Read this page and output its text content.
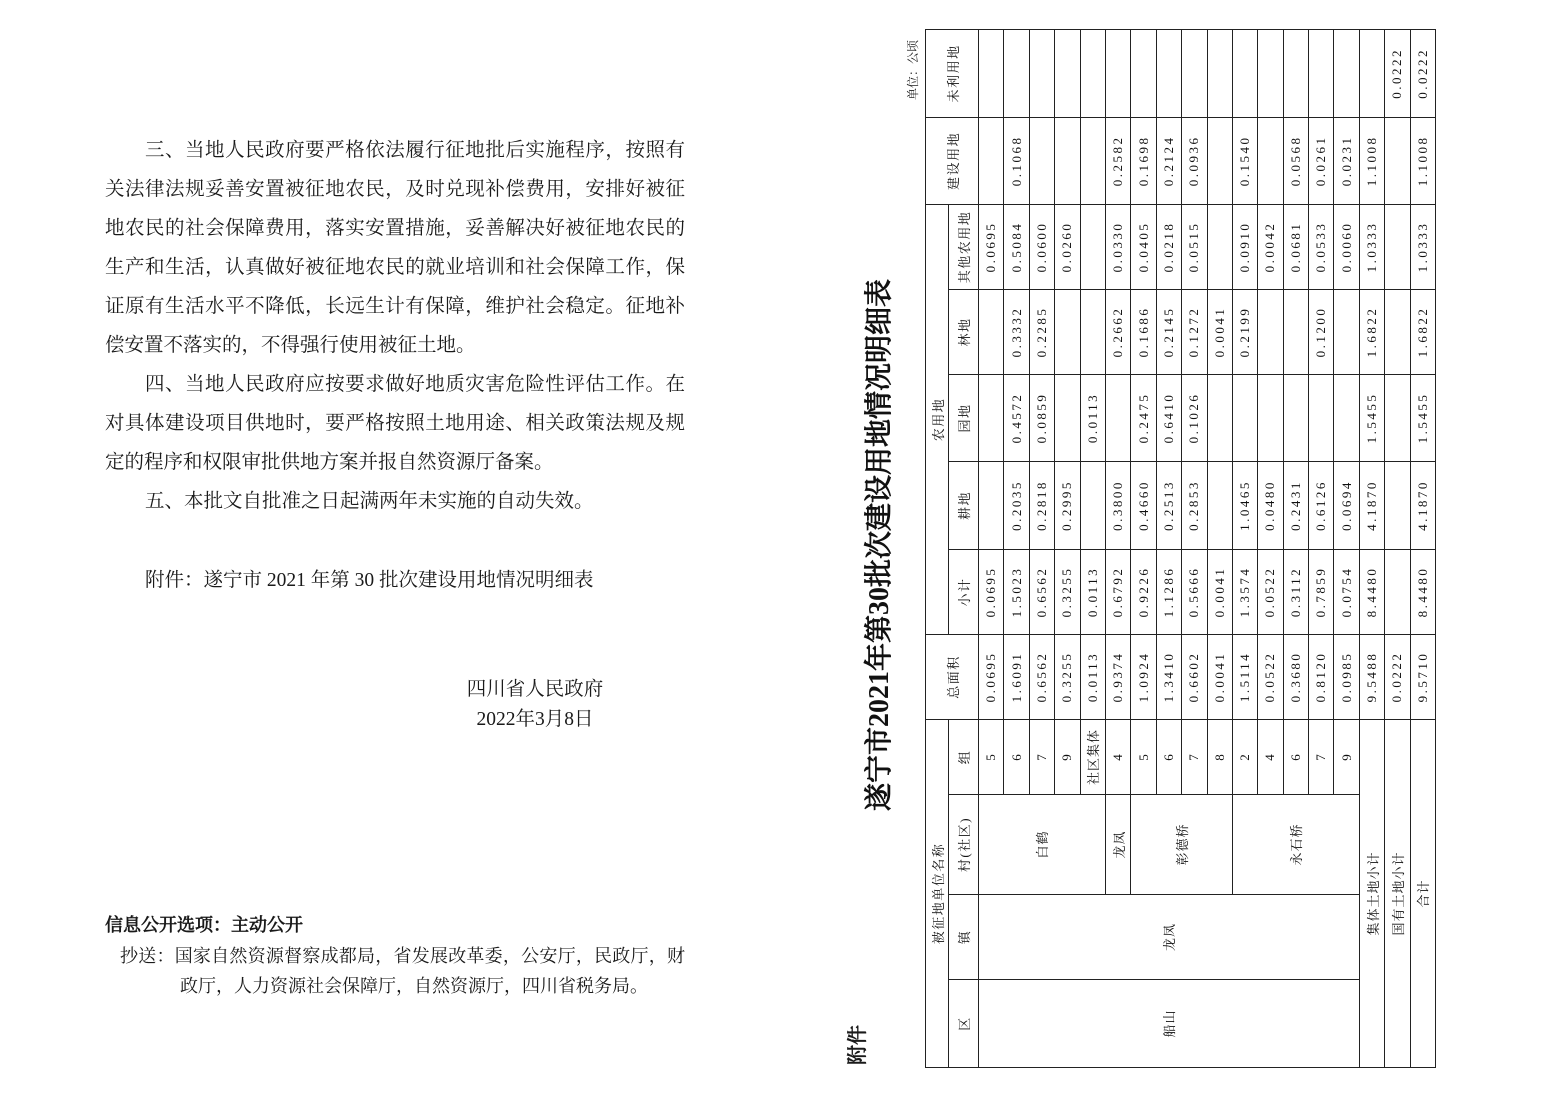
三、当地人民政府要严格依法履行征地批后实施程序，按照有
关法律法规妥善安置被征地农民，及时兑现补偿费用，安排好被征
地农民的社会保障费用，落实安置措施，妥善解决好被征地农民的
生产和生活，认真做好被征地农民的就业培训和社会保障工作，保
证原有生活水平不降低，长远生计有保障，维护社会稳定。征地补
偿安置不落实的，不得强行使用被征土地。
四、当地人民政府应按要求做好地质灾害危险性评估工作。在
对具体建设项目供地时，要严格按照土地用途、相关政策法规及规
定的程序和权限审批供地方案并报自然资源厅备案。
五、本批文自批准之日起满两年未实施的自动失效。
附件：遂宁市 2021 年第 30 批次建设用地情况明细表
四川省人民政府
2022年3月8日
信息公开选项：主动公开
抄送：国家自然资源督察成都局，省发展改革委，公安厅，民政厅，财
政厅，人力资源社会保障厅，自然资源厅，四川省税务局。
附件
遂宁市2021年第30批次建设用地情况明细表
单位：公顷
被征地单位名称				总面积	农用地					建设用地	未利用地
区	镇	村(社区)	组		小计	耕地	园地	林地	其他农用地		
船山	龙凤	白鹤	5	0.0695	0.0695				0.0695		
			6	1.6091	1.5023	0.2035	0.4572	0.3332	0.5084	0.1068	
			7	0.6562	0.6562	0.2818	0.0859	0.2285	0.0600		
			9	0.3255	0.3255	0.2995			0.0260		
			社区集体	0.0113	0.0113		0.0113				
		龙凤	4	0.9374	0.6792	0.3800		0.2662	0.0330	0.2582	
		彰德桥	5	1.0924	0.9226	0.4660	0.2475	0.1686	0.0405	0.1698	
			6	1.3410	1.1286	0.2513	0.6410	0.2145	0.0218	0.2124	
			7	0.6602	0.5666	0.2853	0.1026	0.1272	0.0515	0.0936	
			8	0.0041	0.0041			0.0041			
		永石桥	2	1.5114	1.3574	1.0465		0.2199	0.0910	0.1540	
			4	0.0522	0.0522	0.0480			0.0042		
			6	0.3680	0.3112	0.2431			0.0681	0.0568	
			7	0.8120	0.7859	0.6126		0.1200	0.0533	0.0261	
			9	0.0985	0.0754	0.0694			0.0060	0.0231	
集体土地小计				9.5488	8.4480	4.1870	1.5455	1.6822	1.0333	1.1008	
国有土地小计				0.0222							0.0222
合计				9.5710	8.4480	4.1870	1.5455	1.6822	1.0333	1.1008	0.0222
